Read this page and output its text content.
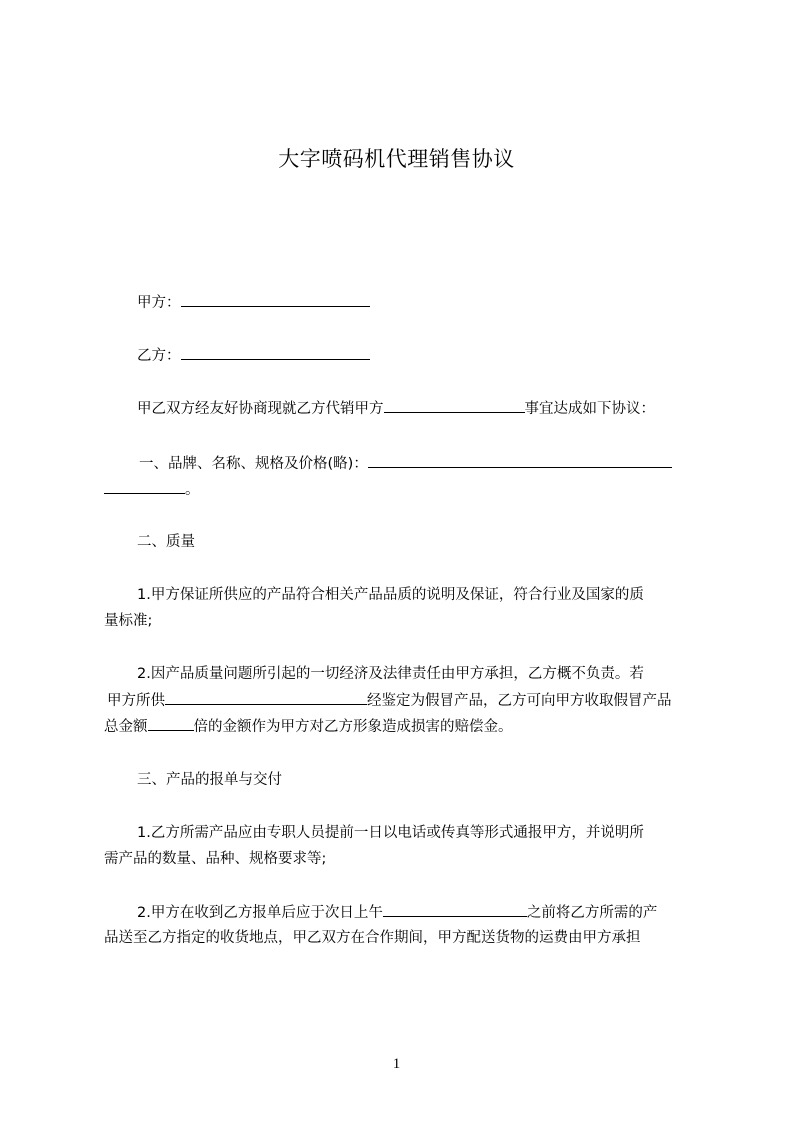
大字喷码机代理销售协议
甲方：
乙方：
甲乙双方经友好协商现就乙方代销甲方	事宜达成如下协议：
一、品牌、名称、规格及价格(略)：
。
二、质量
1.甲方保证所供应的产品符合相关产品品质的说明及保证，符合行业及国家的质
量标准;
2.因产品质量问题所引起的一切经济及法律责任由甲方承担，乙方概不负责。若
甲方所供	经鉴定为假冒产品，乙方可向甲方收取假冒产品
总金额	倍的金额作为甲方对乙方形象造成损害的赔偿金。
三、产品的报单与交付
1.乙方所需产品应由专职人员提前一日以电话或传真等形式通报甲方，并说明所
需产品的数量、品种、规格要求等;
2.甲方在收到乙方报单后应于次日上午	之前将乙方所需的产
品送至乙方指定的收货地点，甲乙双方在合作期间，甲方配送货物的运费由甲方承担
1
